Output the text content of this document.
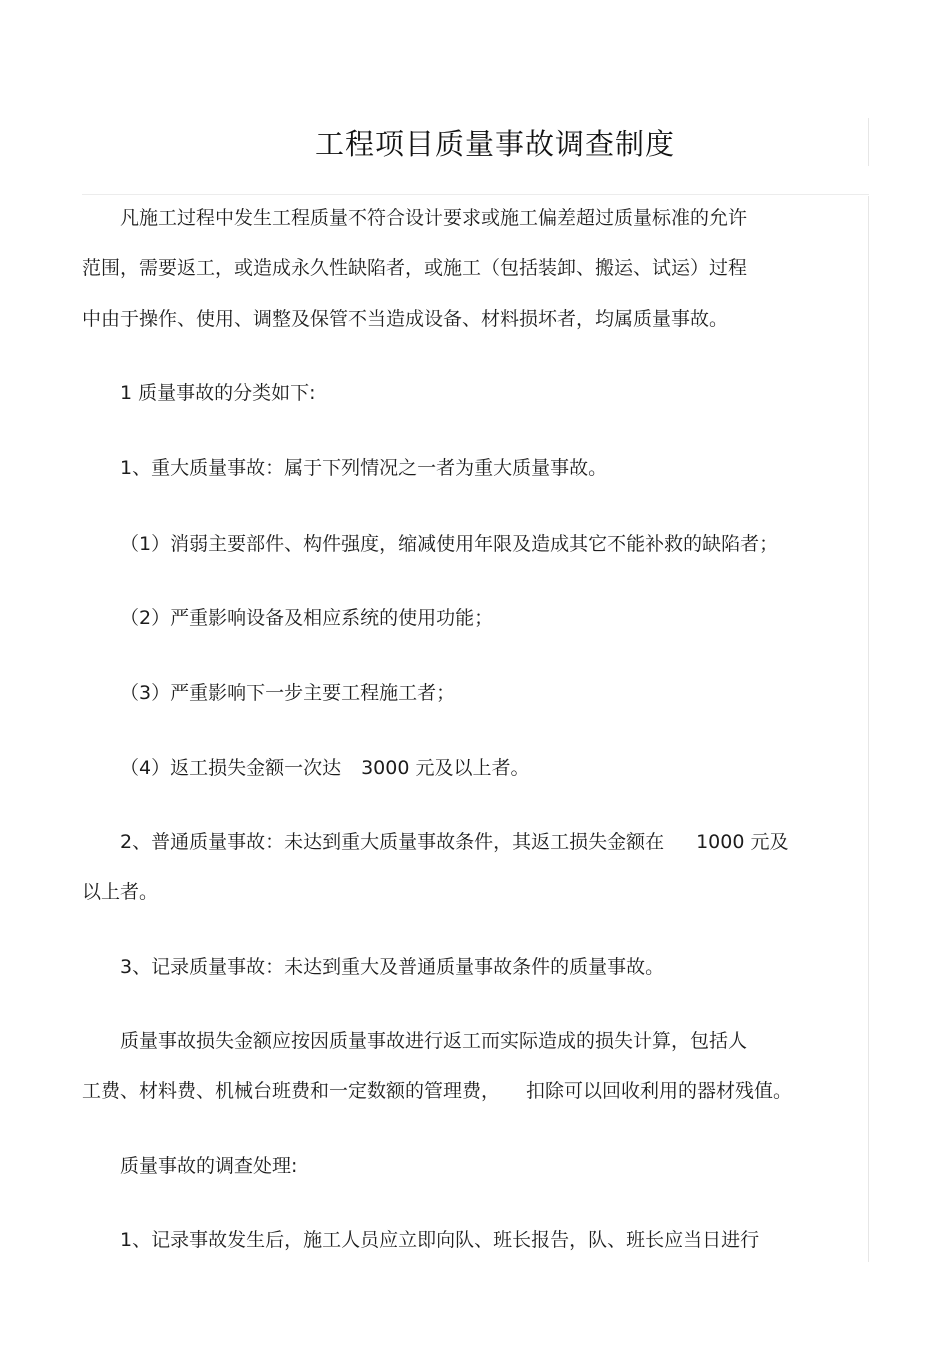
工程项目质量事故调查制度
凡施工过程中发生工程质量不符合设计要求或施工偏差超过质量标准的允许
范围，需要返工，或造成永久性缺陷者，或施工（包括装卸、搬运、试运）过程
中由于操作、使用、调整及保管不当造成设备、材料损坏者，均属质量事故。
1 质量事故的分类如下:
1、重大质量事故：属于下列情况之一者为重大质量事故。
（1）消弱主要部件、构件强度，缩减使用年限及造成其它不能补救的缺陷者；
（2）严重影响设备及相应系统的使用功能；
（3）严重影响下一步主要工程施工者；
（4）返工损失金额一次达 3000 元及以上者。
2、普通质量事故：未达到重大质量事故条件，其返工损失金额在 1000 元及
以上者。
3、记录质量事故：未达到重大及普通质量事故条件的质量事故。
质量事故损失金额应按因质量事故进行返工而实际造成的损失计算，包括人
工费、材料费、机械台班费和一定数额的管理费， 扣除可以回收利用的器材残值。
质量事故的调查处理:
1、记录事故发生后，施工人员应立即向队、班长报告，队、班长应当日进行
